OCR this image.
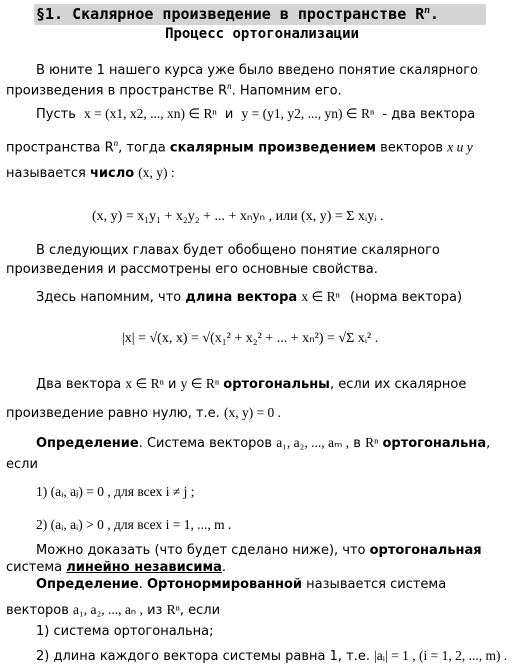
§1. Скалярное произведение в пространстве $R^n$.
Процесс ортогонализации
В юните 1 нашего курса уже было введено понятие скалярного
произведения в пространстве $R^n$. Напомним его.
Пусть x = (x1, x2, ..., xn) ∈ Rⁿ и y = (y1, y2, ..., yn) ∈ Rⁿ - два вектора
пространства $R^n$, тогда скалярным произведением векторов x и y
называется число (x, y) :
(x, y) = x₁y₁ + x₂y₂ + ... + xₙyₙ , или (x, y) = Σ xᵢyᵢ .
В следующих главах будет обобщено понятие скалярного
произведения и рассмотрены его основные свойства.
Здесь напомним, что длина вектора x ∈ Rⁿ (норма вектора)
|x| = √(x, x) = √(x₁² + x₂² + ... + xₙ²) = √Σ xᵢ² .
Два вектора x ∈ Rⁿ и y ∈ Rⁿ ортогональны, если их скалярное
произведение равно нулю, т.е. (x, y) = 0 .
Определение. Система векторов a₁, a₂, ..., aₘ , в Rⁿ ортогональна,
если
1) (aᵢ, aⱼ) = 0 , для всех i ≠ j ;
2) (aᵢ, aᵢ) > 0 , для всех i = 1, ..., m .
Можно доказать (что будет сделано ниже), что ортогональная
система линейно независима.
Определение. Ортонормированной называется система
векторов a₁, a₂, ..., aₙ , из Rⁿ, если
1) система ортогональна;
2) длина каждого вектора системы равна 1, т.е. |aᵢ| = 1 , (i = 1, 2, ..., m) .
